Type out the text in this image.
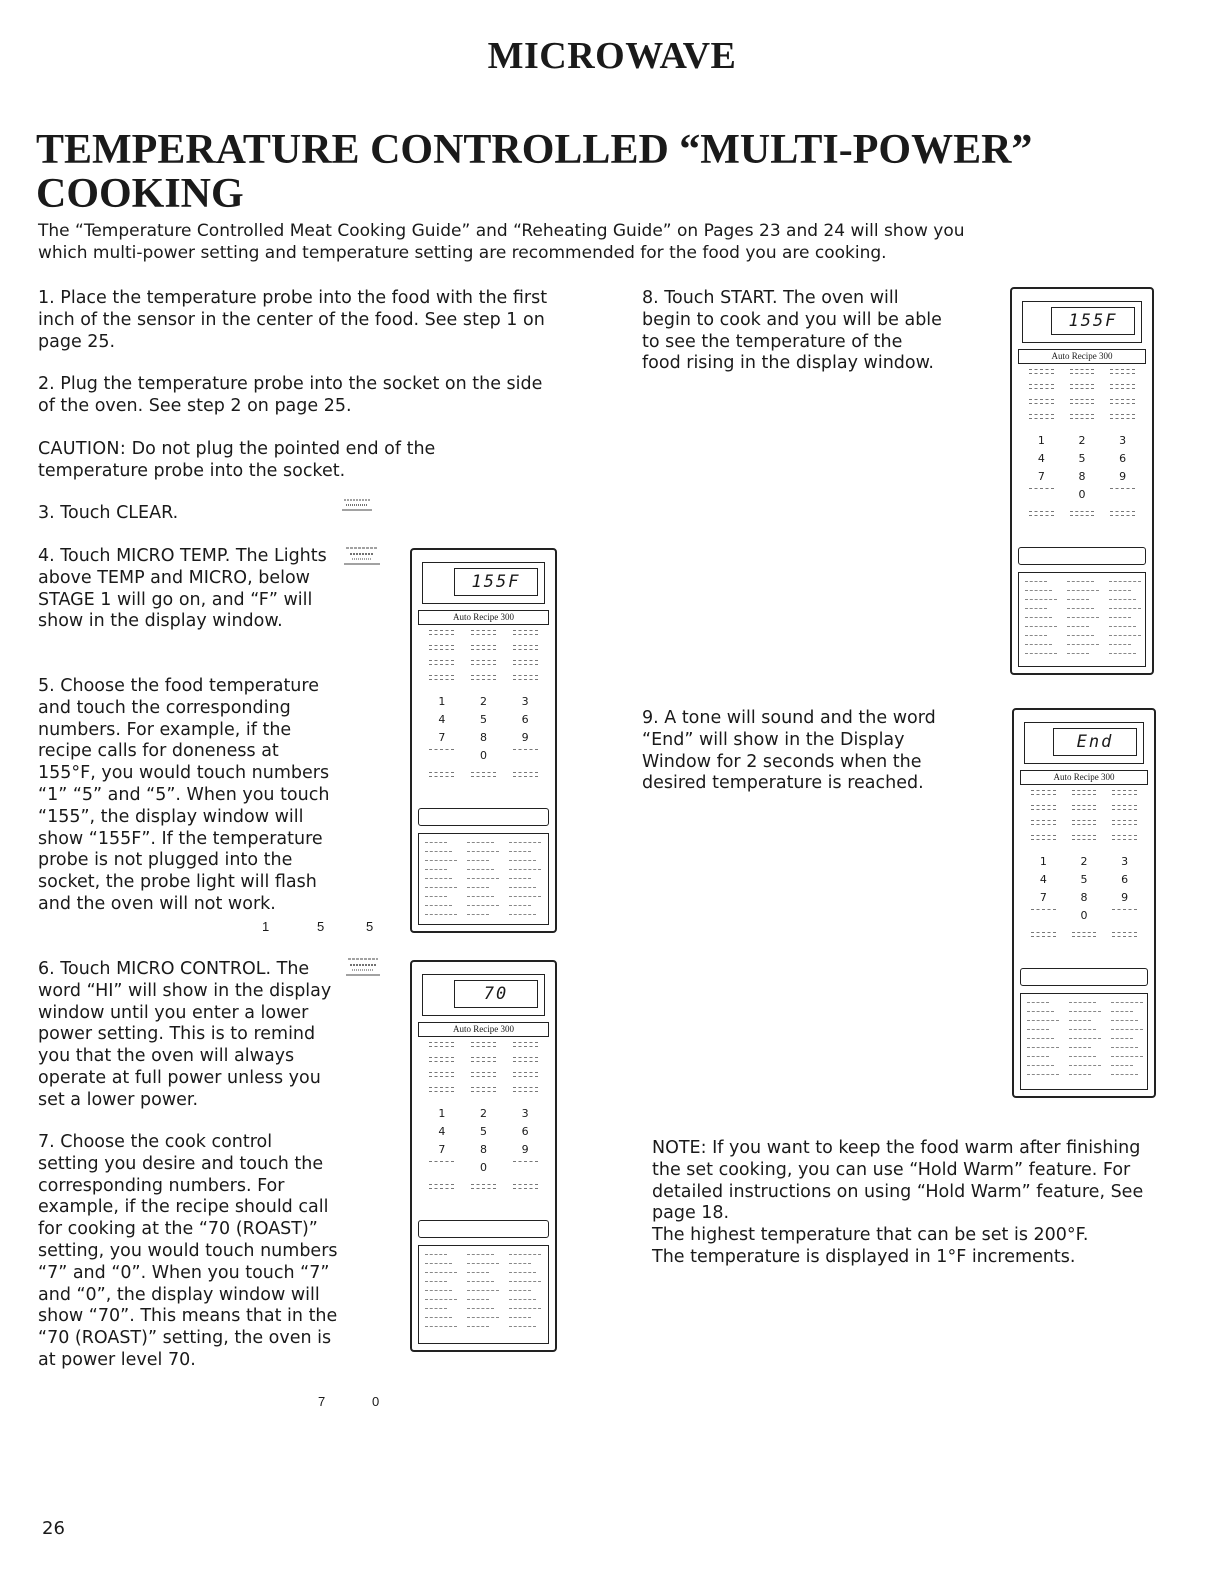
MICROWAVE
TEMPERATURE CONTROLLED “MULTI-POWER”
COOKING
The “Temperature Controlled Meat Cooking Guide” and “Reheating Guide” on Pages 23 and 24 will show you which multi-power setting and temperature setting are recommended for the food you are cooking.
1. Place the temperature probe into the food with the first inch of the sensor in the center of the food. See step 1 on page 25.
2. Plug the temperature probe into the socket on the side of the oven. See step 2 on page 25.
CAUTION: Do not plug the pointed end of the temperature probe into the socket.
3. Touch CLEAR.
4. Touch MICRO TEMP. The Lights above TEMP and MICRO, below STAGE 1 will go on, and “F” will show in the display window.
5. Choose the food temperature and touch the corresponding numbers. For example, if the recipe calls for doneness at 155°F, you would touch numbers “1” “5” and “5”. When you touch “155”, the display window will show “155F”. If the temperature probe is not plugged into the socket, the probe light will flash and the oven will not work.
1	5	5
6. Touch MICRO CONTROL. The word “HI” will show in the display window until you enter a lower power setting. This is to remind you that the oven will always operate at full power unless you set a lower power.
7. Choose the cook control setting you desire and touch the corresponding numbers. For example, if the recipe should call for cooking at the “70 (ROAST)” setting, you would touch numbers “7” and “0”. When you touch “7” and “0”, the display window will show “70”. This means that in the “70 (ROAST)” setting, the oven is at power level 70.
7	0
8. Touch START. The oven will begin to cook and you will be able to see the temperature of the food rising in the display window.
9. A tone will sound and the word “End” will show in the Display Window for 2 seconds when the desired temperature is reached.
NOTE: If you want to keep the food warm after finishing the set cooking, you can use “Hold Warm” feature. For detailed instructions on using “Hold Warm” feature, See page 18.
The highest temperature that can be set is 200°F.
The temperature is displayed in 1°F increments.
26
155F
Auto Recipe 300
1	2	3
4	5	6
7	8	9
0
70
Auto Recipe 300
1	2	3
4	5	6
7	8	9
0
155F
Auto Recipe 300
1	2	3
4	5	6
7	8	9
0
End
Auto Recipe 300
1	2	3
4	5	6
7	8	9
0
